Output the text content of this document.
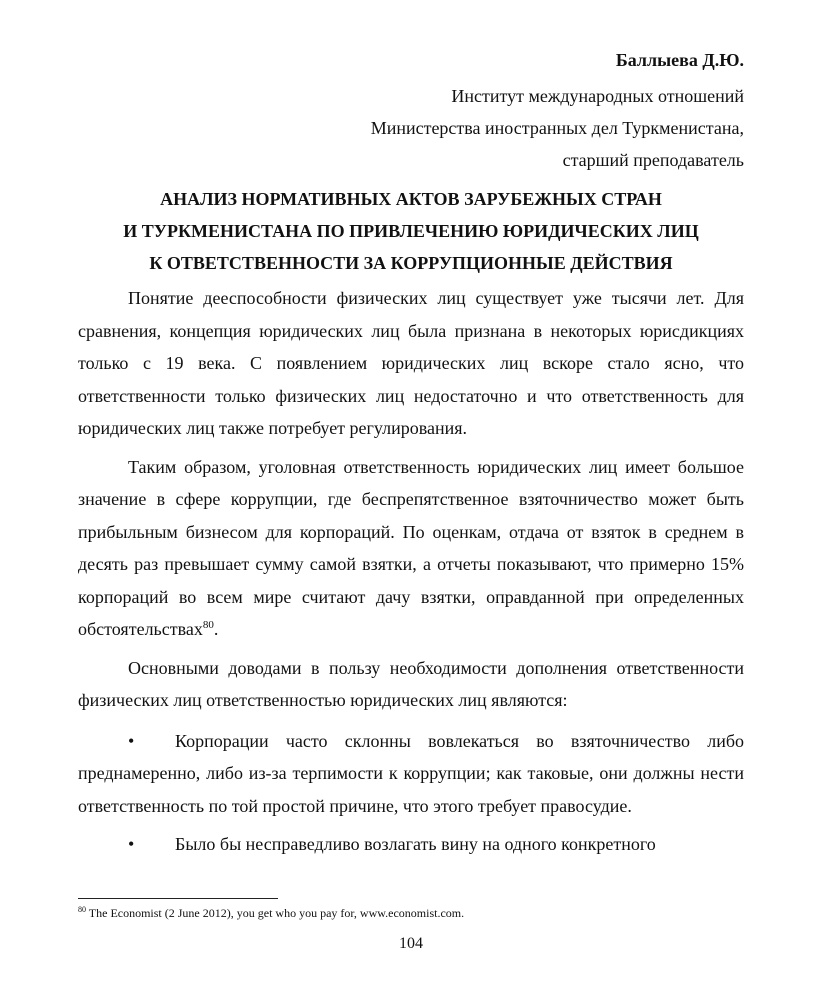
Баллыева Д.Ю.
Институт международных отношений
Министерства иностранных дел Туркменистана,
старший преподаватель
АНАЛИЗ НОРМАТИВНЫХ АКТОВ ЗАРУБЕЖНЫХ СТРАН
И ТУРКМЕНИСТАНА ПО ПРИВЛЕЧЕНИЮ ЮРИДИЧЕСКИХ ЛИЦ
К ОТВЕТСТВЕННОСТИ ЗА КОРРУПЦИОННЫЕ ДЕЙСТВИЯ

Понятие дееспособности физических лиц существует уже тысячи лет. Для сравнения, концепция юридических лиц была признана в некоторых юрисдикциях только с 19 века. С появлением юридических лиц вскоре стало ясно, что ответственности только физических лиц недостаточно и что ответственность для юридических лиц также потребует регулирования.

Таким образом, уголовная ответственность юридических лиц имеет большое значение в сфере коррупции, где беспрепятственное взяточничество может быть прибыльным бизнесом для корпораций. По оценкам, отдача от взяток в среднем в десять раз превышает сумму самой взятки, а отчеты показывают, что примерно 15% корпораций во всем мире считают дачу взятки, оправданной при определенных обстоятельствах$^{80}$.

Основными доводами в пользу необходимости дополнения ответственности физических лиц ответственностью юридических лиц являются:

• Корпорации часто склонны вовлекаться во взяточничество либо преднамеренно, либо из-за терпимости к коррупции; как таковые, они должны нести ответственность по той простой причине, что этого требует правосудие.
• Было бы несправедливо возлагать вину на одного конкретного
$^{80}$ The Economist (2 June 2012), you get who you pay for, www.economist.com.
104
